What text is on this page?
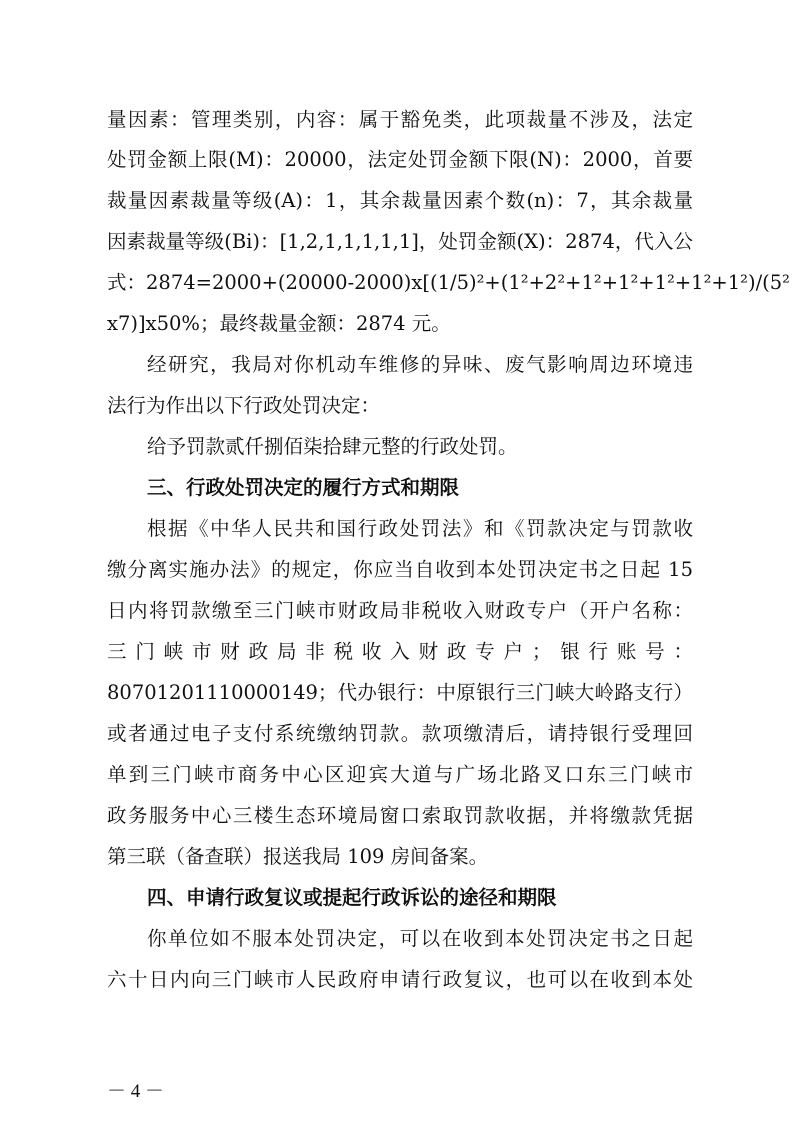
量因素：管理类别，内容：属于豁免类，此项裁量不涉及，法定
处罚金额上限(M)：20000，法定处罚金额下限(N)：2000，首要
裁量因素裁量等级(A)：1，其余裁量因素个数(n)：7，其余裁量
因素裁量等级(Bi)：[1,2,1,1,1,1,1]，处罚金额(X)：2874，代入公
式：2874=2000+(20000-2000)x[(1/5)²+(1²+2²+1²+1²+1²+1²+1²)/(5²
x7)]x50%；最终裁量金额：2874 元。
经研究，我局对你机动车维修的异味、废气影响周边环境违
法行为作出以下行政处罚决定：
给予罚款贰仟捌佰柒拾肆元整的行政处罚。
三、行政处罚决定的履行方式和期限
根据《中华人民共和国行政处罚法》和《罚款决定与罚款收
缴分离实施办法》的规定，你应当自收到本处罚决定书之日起 15
日内将罚款缴至三门峡市财政局非税收入财政专户（开户名称：
三门峡市财政局非税收入财政专户；银行账号：
80701201110000149；代办银行：中原银行三门峡大岭路支行）
或者通过电子支付系统缴纳罚款。款项缴清后，请持银行受理回
单到三门峡市商务中心区迎宾大道与广场北路叉口东三门峡市
政务服务中心三楼生态环境局窗口索取罚款收据，并将缴款凭据
第三联（备查联）报送我局 109 房间备案。
四、申请行政复议或提起行政诉讼的途径和期限
你单位如不服本处罚决定，可以在收到本处罚决定书之日起
六十日内向三门峡市人民政府申请行政复议，也可以在收到本处
－ 4 －
